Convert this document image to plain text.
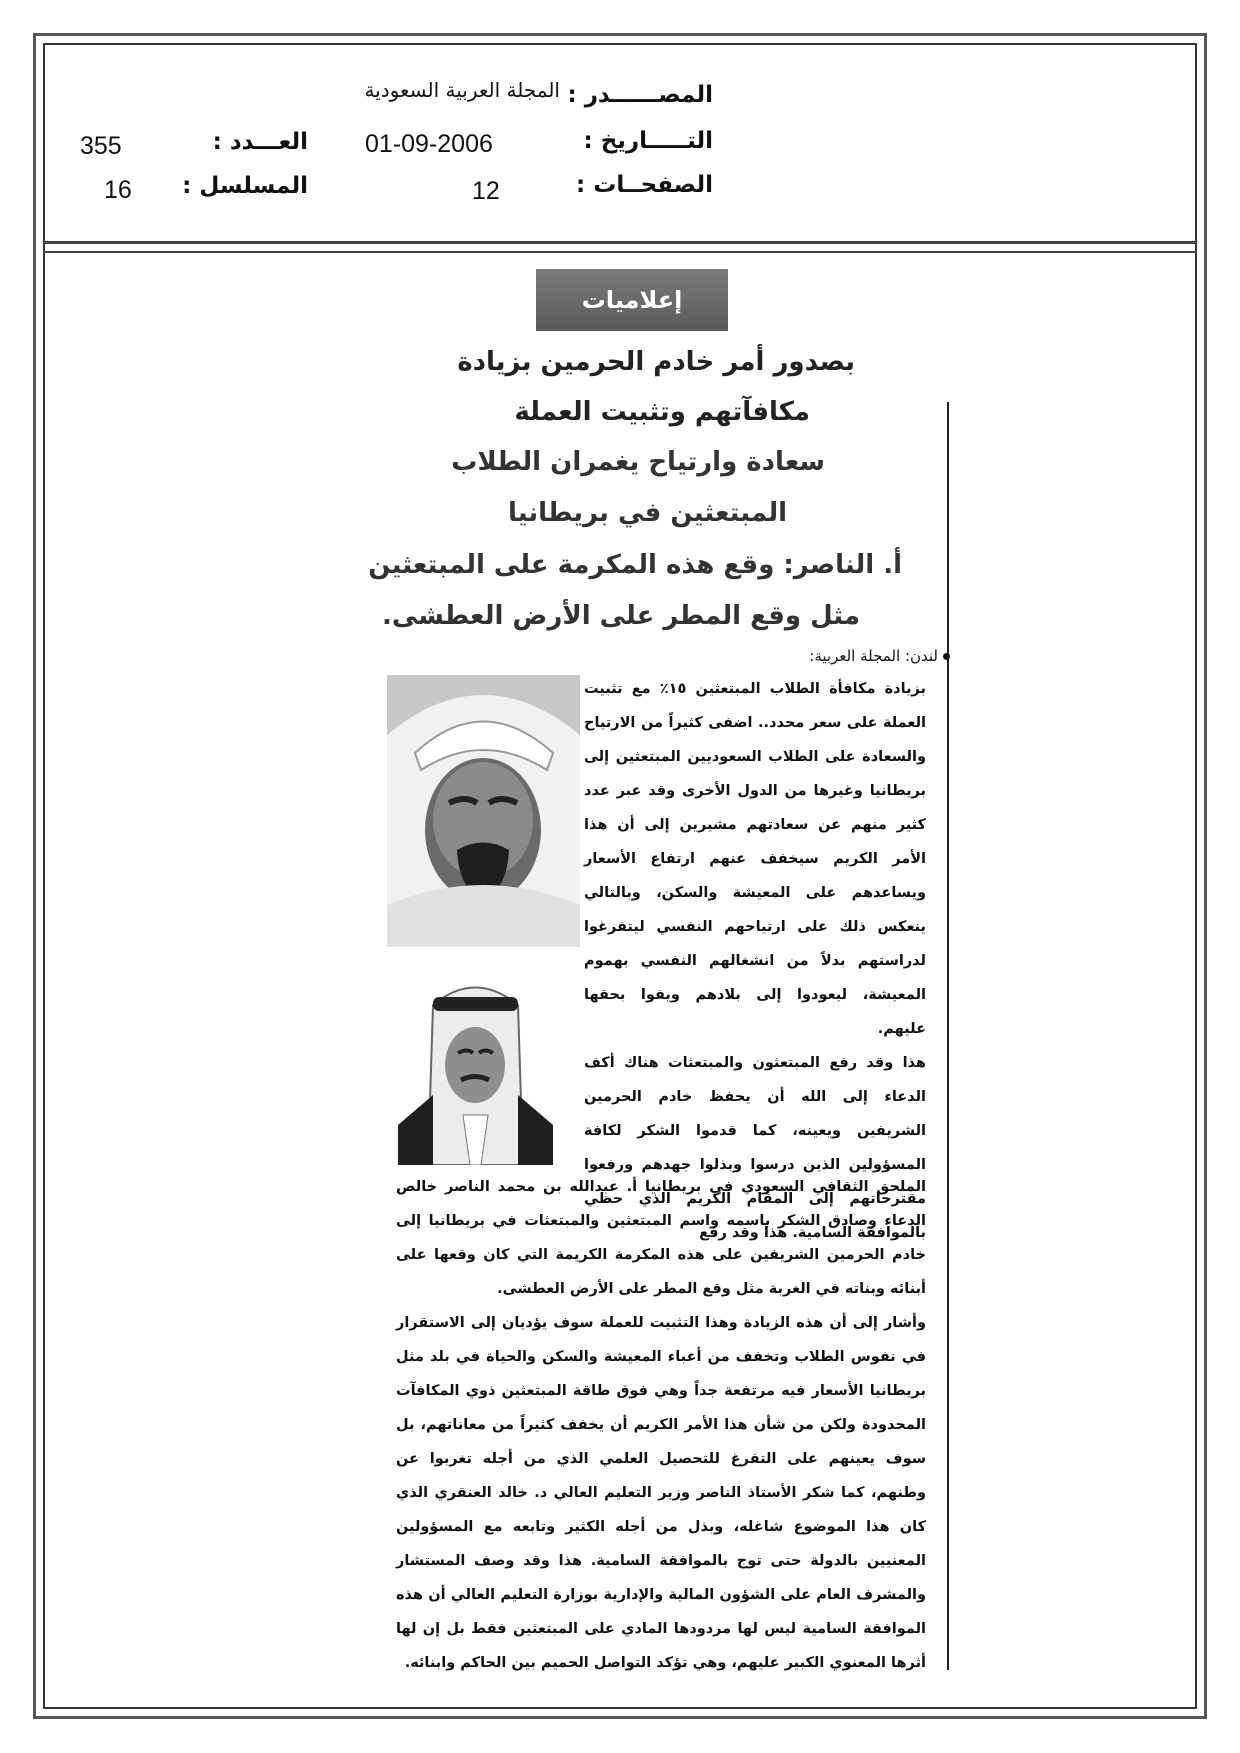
المصــــــدر :
المجلة العربية السعودية
التـــــاريخ :
01-09-2006
العـــدد :
355
الصفحــات :
12
المسلسل :
16
إعلاميات
بصدور أمر خادم الحرمين بزيادة
مكافآتهم وتثبيت العملة
سعادة وارتياح يغمران الطلاب
المبتعثين في بريطانيا
أ. الناصر: وقع هذه المكرمة على المبتعثين
مثل وقع المطر على الأرض العطشى.
لندن: المجلة العربية:

بزيادة مكافأة الطلاب المبتعثين ١٥٪ مع تثبيت العملة على سعر محدد.. اضفى كثيراً من الارتياح والسعادة على الطلاب السعوديين المبتعثين إلى بريطانيا وغيرها من الدول الأخرى وقد عبر عدد كثير منهم عن سعادتهم مشيرين إلى أن هذا الأمر الكريم سيخفف عنهم ارتفاع الأسعار ويساعدهم على المعيشة والسكن، وبالتالي ينعكس ذلك على ارتياحهم النفسي ليتفرغوا لدراستهم بدلاً من انشغالهم النفسي بهموم المعيشة، ليعودوا إلى بلادهم ويفوا بحقها عليهم.

هذا وقد رفع المبتعثون والمبتعثات هناك أكف الدعاء إلى الله أن يحفظ خادم الحرمين الشريفين ويعينه، كما قدموا الشكر لكافة المسؤولين الذين درسوا وبذلوا جهدهم ورفعوا مقترحاتهم إلى المقام الكريم الذي حظي بالموافقة السامية. هذا وقد رفع

الملحق الثقافي السعودي في بريطانيا أ. عبدالله بن محمد الناصر خالص الدعاء وصادق الشكر باسمه واسم المبتعثين والمبتعثات في بريطانيا إلى خادم الحرمين الشريفين على هذه المكرمة الكريمة التي كان وقعها على أبنائه وبناته في الغربة مثل وقع المطر على الأرض العطشى.

وأشار إلى أن هذه الزيادة وهذا التثبيت للعملة سوف يؤديان إلى الاستقرار في نفوس الطلاب وتخفف من أعباء المعيشة والسكن والحياة في بلد مثل بريطانيا الأسعار فيه مرتفعة جداً وهي فوق طاقة المبتعثين ذوي المكافآت المحدودة ولكن من شأن هذا الأمر الكريم أن يخفف كثيراً من معاناتهم، بل سوف يعينهم على التفرغ للتحصيل العلمي الذي من أجله تغربوا عن وطنهم، كما شكر الأستاذ الناصر وزير التعليم العالي د. خالد العنقري الذي كان هذا الموضوع شاغله، وبذل من أجله الكثير وتابعه مع المسؤولين المعنيين بالدولة حتى توج بالموافقة السامية. هذا وقد وصف المستشار والمشرف العام على الشؤون المالية والإدارية بوزارة التعليم العالي أن هذه الموافقة السامية ليس لها مردودها المادي على المبتعثين فقط بل إن لها أثرها المعنوي الكبير عليهم، وهي تؤكد التواصل الحميم بين الحاكم وابنائه.
